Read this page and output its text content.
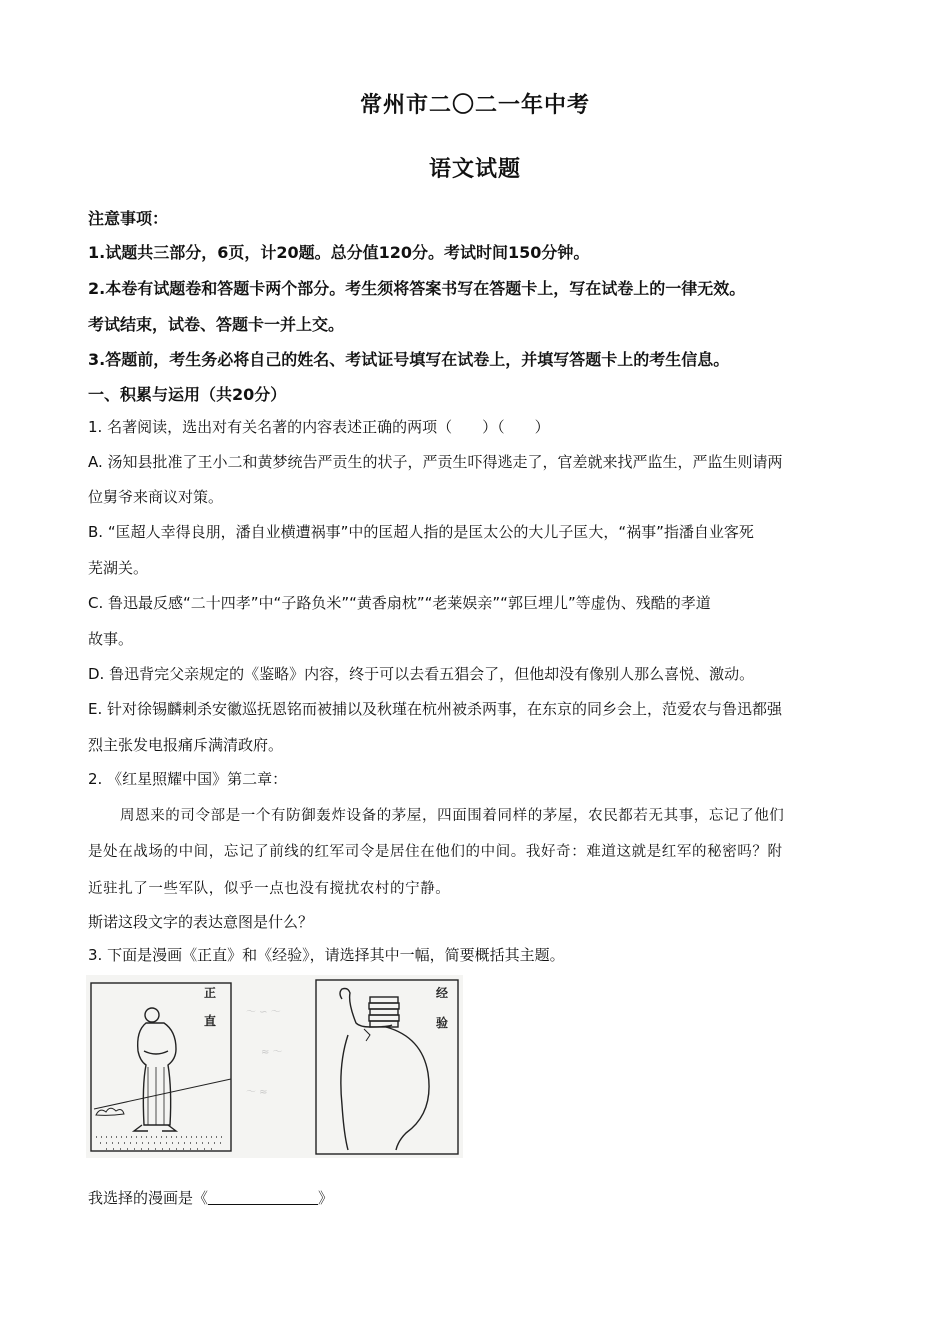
常州市二〇二一年中考
语文试题
注意事项：
1.试题共三部分，6页，计20题。总分值120分。考试时间150分钟。
2.本卷有试题卷和答题卡两个部分。考生须将答案书写在答题卡上，写在试卷上的一律无效。
考试结束，试卷、答题卡一并上交。
3.答题前，考生务必将自己的姓名、考试证号填写在试卷上，并填写答题卡上的考生信息。
一、积累与运用（共20分）
1. 名著阅读，选出对有关名著的内容表述正确的两项（　　）（　　）
A. 汤知县批准了王小二和黄梦统告严贡生的状子，严贡生吓得逃走了，官差就来找严监生，严监生则请两
位舅爷来商议对策。
B. “匡超人幸得良朋，潘自业横遭祸事”中的匡超人指的是匡太公的大儿子匡大，“祸事”指潘自业客死
芜湖关。
C. 鲁迅最反感“二十四孝”中“子路负米”“黄香扇枕”“老莱娱亲”“郭巨埋儿”等虚伪、残酷的孝道
故事。
D. 鲁迅背完父亲规定的《鉴略》内容，终于可以去看五猖会了，但他却没有像别人那么喜悦、激动。
E. 针对徐锡麟刺杀安徽巡抚恩铭而被捕以及秋瑾在杭州被杀两事，在东京的同乡会上，范爱农与鲁迅都强
烈主张发电报痛斥满清政府。
2. 《红星照耀中国》第二章：
周恩来的司令部是一个有防御轰炸设备的茅屋，四面围着同样的茅屋，农民都若无其事，忘记了他们
是处在战场的中间，忘记了前线的红军司令是居住在他们的中间。我好奇：难道这就是红军的秘密吗？附
近驻扎了一些军队，似乎一点也没有搅扰农村的宁静。
斯诺这段文字的表达意图是什么？
3. 下面是漫画《正直》和《经验》，请选择其中一幅，简要概括其主题。
正
直
～ ∽ ～
≈ ～
～ ≈
经
验
我选择的漫画是《	》
